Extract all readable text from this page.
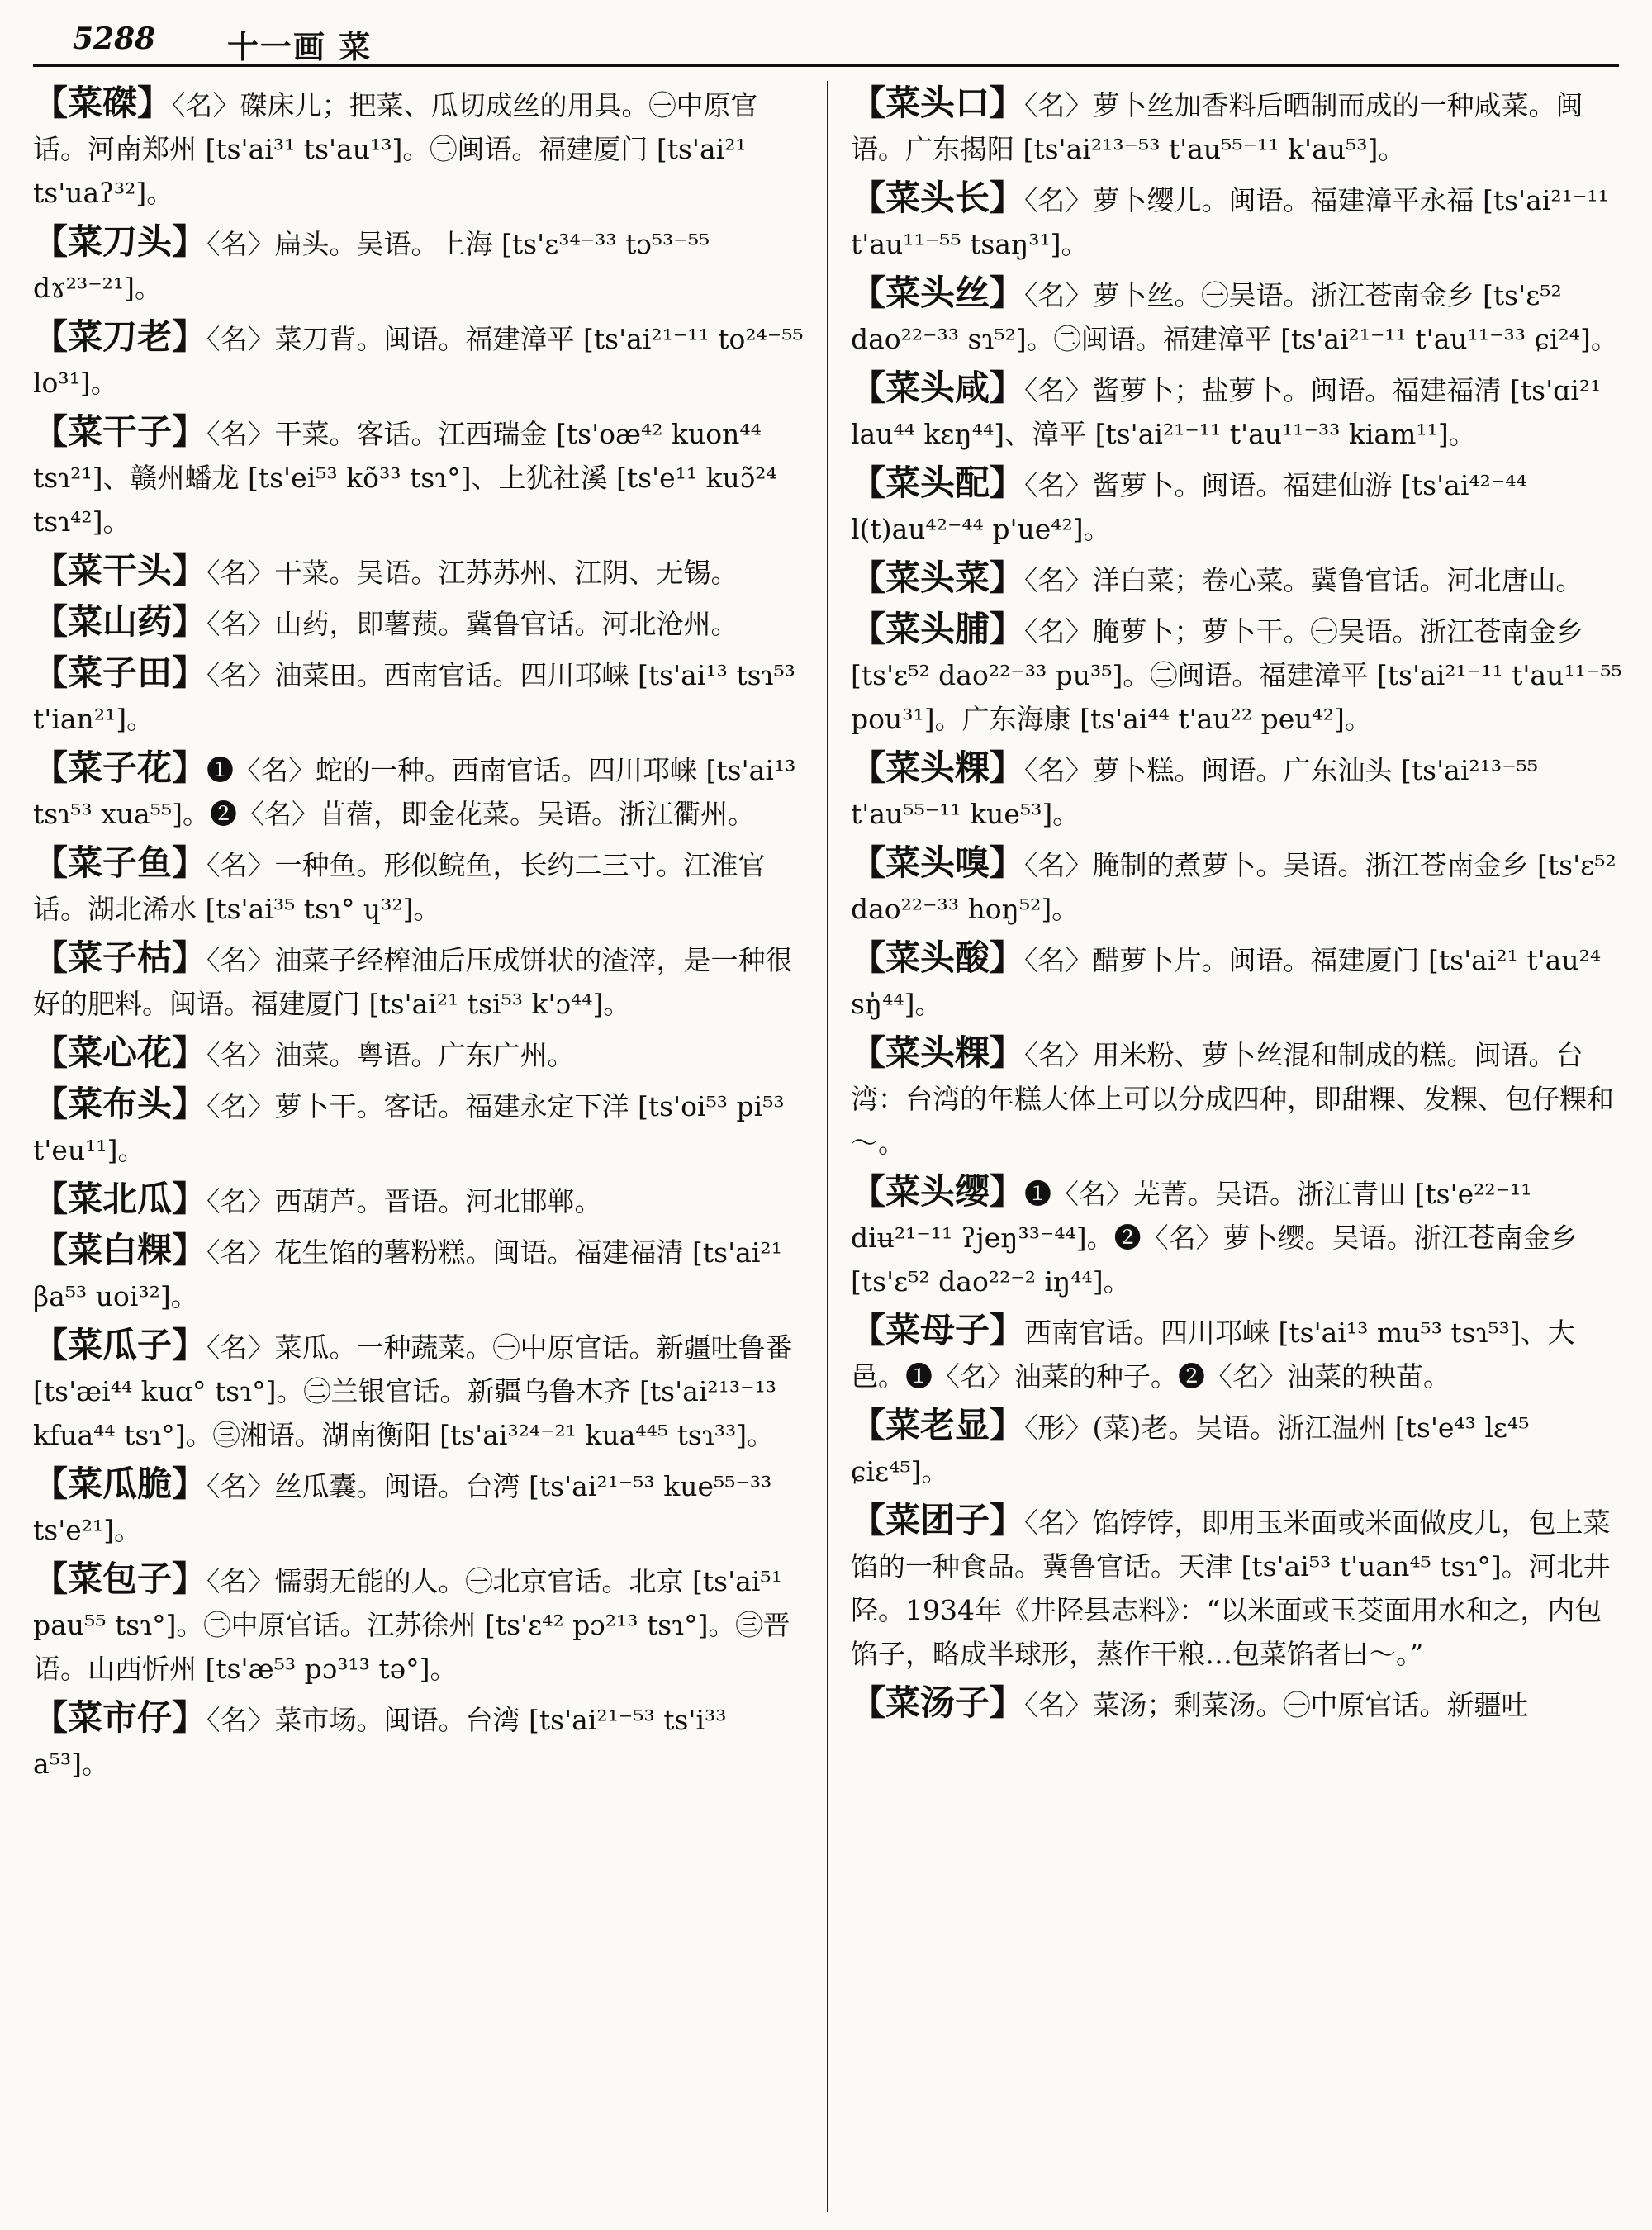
5288 十一画 菜
【菜磔】〈名〉磔床儿；把菜、瓜切成丝的用具。㊀中原官话。河南郑州 [ts'ai³¹ ts'au¹³]。㊁闽语。福建厦门 [ts'ai²¹ ts'uaʔ³²]。
【菜刀头】〈名〉扁头。吴语。上海 [ts'ɛ³⁴⁻³³ tɔ⁵³⁻⁵⁵ dɤ²³⁻²¹]。
【菜刀老】〈名〉菜刀背。闽语。福建漳平 [ts'ai²¹⁻¹¹ to²⁴⁻⁵⁵ lo³¹]。
【菜干子】〈名〉干菜。客话。江西瑞金 [ts'oæ⁴² kuon⁴⁴ tsɿ²¹]、赣州蟠龙 [ts'ei⁵³ kõ³³ tsɿ°]、上犹社溪 [ts'e¹¹ kuɔ̃²⁴ tsɿ⁴²]。
【菜干头】〈名〉干菜。吴语。江苏苏州、江阴、无锡。
【菜山药】〈名〉山药，即薯蓣。冀鲁官话。河北沧州。
【菜子田】〈名〉油菜田。西南官话。四川邛崃 [ts'ai¹³ tsɿ⁵³ t'ian²¹]。
【菜子花】❶〈名〉蛇的一种。西南官话。四川邛崃 [ts'ai¹³ tsɿ⁵³ xua⁵⁵]。❷〈名〉苜蓿，即金花菜。吴语。浙江衢州。
【菜子鱼】〈名〉一种鱼。形似鲩鱼，长约二三寸。江淮官话。湖北浠水 [ts'ai³⁵ tsɿ° ɥ³²]。
【菜子枯】〈名〉油菜子经榨油后压成饼状的渣滓，是一种很好的肥料。闽语。福建厦门 [ts'ai²¹ tsi⁵³ k'ɔ⁴⁴]。
【菜心花】〈名〉油菜。粤语。广东广州。
【菜布头】〈名〉萝卜干。客话。福建永定下洋 [ts'oi⁵³ pi⁵³ t'eu¹¹]。
【菜北瓜】〈名〉西葫芦。晋语。河北邯郸。
【菜白粿】〈名〉花生馅的薯粉糕。闽语。福建福清 [ts'ai²¹ βa⁵³ uoi³²]。
【菜瓜子】〈名〉菜瓜。一种蔬菜。㊀中原官话。新疆吐鲁番 [ts'æi⁴⁴ kuɑ° tsɿ°]。㊁兰银官话。新疆乌鲁木齐 [ts'ai²¹³⁻¹³ kfua⁴⁴ tsɿ°]。㊂湘语。湖南衡阳 [ts'ai³²⁴⁻²¹ kua⁴⁴⁵ tsɿ³³]。
【菜瓜脆】〈名〉丝瓜囊。闽语。台湾 [ts'ai²¹⁻⁵³ kue⁵⁵⁻³³ ts'e²¹]。
【菜包子】〈名〉懦弱无能的人。㊀北京官话。北京 [ts'ai⁵¹ pau⁵⁵ tsɿ°]。㊁中原官话。江苏徐州 [ts'ɛ⁴² pɔ²¹³ tsɿ°]。㊂晋语。山西忻州 [ts'æ⁵³ pɔ³¹³ tə°]。
【菜市仔】〈名〉菜市场。闽语。台湾 [ts'ai²¹⁻⁵³ ts'i³³ a⁵³]。
【菜头口】〈名〉萝卜丝加香料后晒制而成的一种咸菜。闽语。广东揭阳 [ts'ai²¹³⁻⁵³ t'au⁵⁵⁻¹¹ k'au⁵³]。
【菜头长】〈名〉萝卜缨儿。闽语。福建漳平永福 [ts'ai²¹⁻¹¹ t'au¹¹⁻⁵⁵ tsaŋ³¹]。
【菜头丝】〈名〉萝卜丝。㊀吴语。浙江苍南金乡 [ts'ɛ⁵² dao²²⁻³³ sɿ⁵²]。㊁闽语。福建漳平 [ts'ai²¹⁻¹¹ t'au¹¹⁻³³ ɕi²⁴]。
【菜头咸】〈名〉酱萝卜；盐萝卜。闽语。福建福清 [ts'ɑi²¹ lau⁴⁴ kɛŋ⁴⁴]、漳平 [ts'ai²¹⁻¹¹ t'au¹¹⁻³³ kiam¹¹]。
【菜头配】〈名〉酱萝卜。闽语。福建仙游 [ts'ai⁴²⁻⁴⁴ l(t)au⁴²⁻⁴⁴ p'ue⁴²]。
【菜头菜】〈名〉洋白菜；卷心菜。冀鲁官话。河北唐山。
【菜头脯】〈名〉腌萝卜；萝卜干。㊀吴语。浙江苍南金乡 [ts'ɛ⁵² dao²²⁻³³ pu³⁵]。㊁闽语。福建漳平 [ts'ai²¹⁻¹¹ t'au¹¹⁻⁵⁵ pou³¹]。广东海康 [ts'ai⁴⁴ t'au²² peu⁴²]。
【菜头粿】〈名〉萝卜糕。闽语。广东汕头 [ts'ai²¹³⁻⁵⁵ t'au⁵⁵⁻¹¹ kue⁵³]。
【菜头嗅】〈名〉腌制的煮萝卜。吴语。浙江苍南金乡 [ts'ɛ⁵² dao²²⁻³³ hoŋ⁵²]。
【菜头酸】〈名〉醋萝卜片。闽语。福建厦门 [ts'ai²¹ t'au²⁴ sŋ̍⁴⁴]。
【菜头粿】〈名〉用米粉、萝卜丝混和制成的糕。闽语。台湾：台湾的年糕大体上可以分成四种，即甜粿、发粿、包仔粿和～。
【菜头缨】❶〈名〉芜菁。吴语。浙江青田 [ts'e²²⁻¹¹ diʉ²¹⁻¹¹ ʔjeŋ³³⁻⁴⁴]。❷〈名〉萝卜缨。吴语。浙江苍南金乡 [ts'ɛ⁵² dao²²⁻² iŋ⁴⁴]。
【菜母子】西南官话。四川邛崃 [ts'ai¹³ mu⁵³ tsɿ⁵³]、大邑。❶〈名〉油菜的种子。❷〈名〉油菜的秧苗。
【菜老显】〈形〉(菜)老。吴语。浙江温州 [ts'e⁴³ lɛ⁴⁵ ɕiɛ⁴⁵]。
【菜团子】〈名〉馅饽饽，即用玉米面或米面做皮儿，包上菜馅的一种食品。冀鲁官话。天津 [ts'ai⁵³ t'uan⁴⁵ tsɿ°]。河北井陉。1934年《井陉县志料》：“以米面或玉茭面用水和之，内包馅子，略成半球形，蒸作干粮…包菜馅者曰～。”
【菜汤子】〈名〉菜汤；剩菜汤。㊀中原官话。新疆吐
